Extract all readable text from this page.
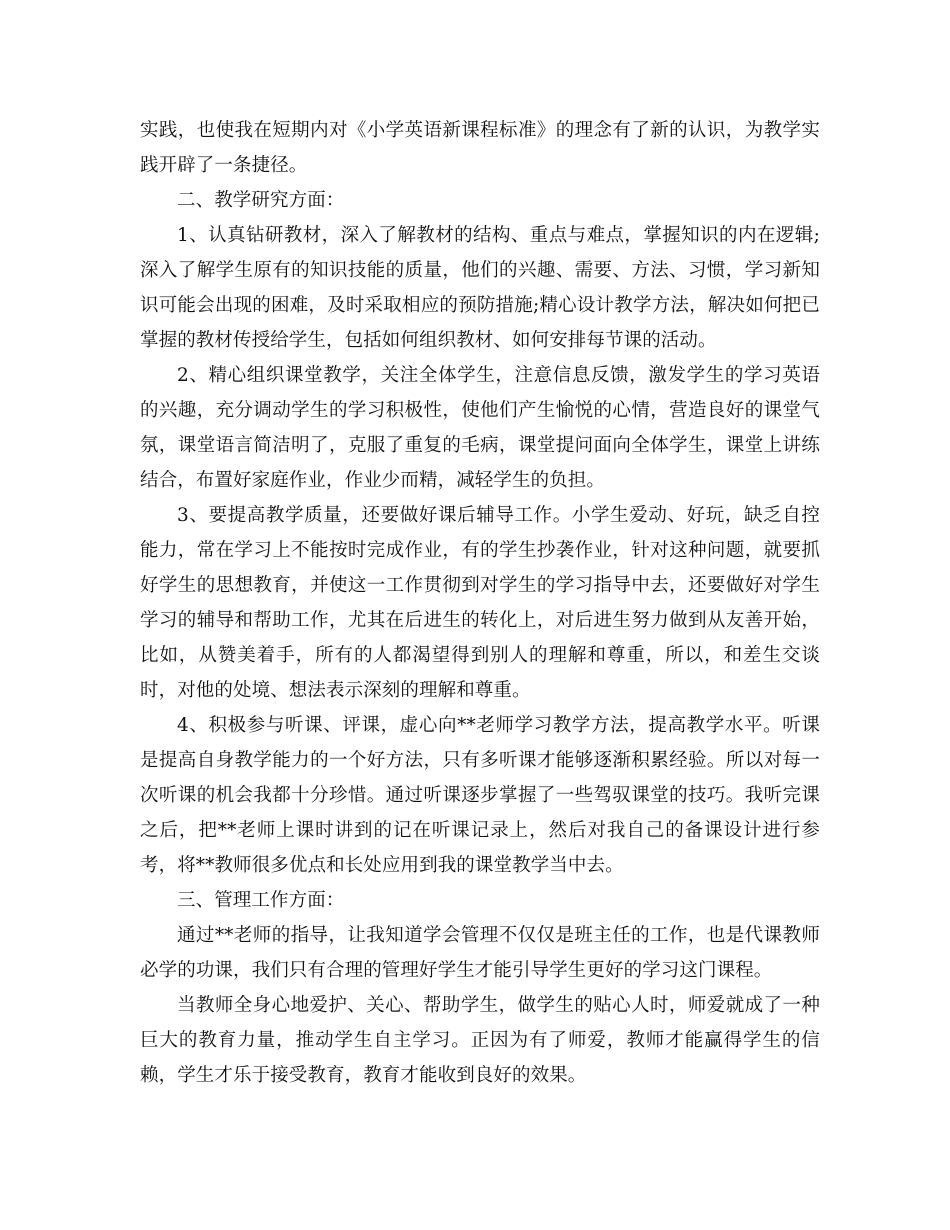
实践，也使我在短期内对《小学英语新课程标准》的理念有了新的认识，为教学实践开辟了一条捷径。

二、教学研究方面：

1、认真钻研教材，深入了解教材的结构、重点与难点，掌握知识的内在逻辑;深入了解学生原有的知识技能的质量，他们的兴趣、需要、方法、习惯，学习新知识可能会出现的困难，及时采取相应的预防措施;精心设计教学方法，解决如何把已掌握的教材传授给学生，包括如何组织教材、如何安排每节课的活动。

2、精心组织课堂教学，关注全体学生，注意信息反馈，激发学生的学习英语的兴趣，充分调动学生的学习积极性，使他们产生愉悦的心情，营造良好的课堂气氛，课堂语言简洁明了，克服了重复的毛病，课堂提问面向全体学生，课堂上讲练结合，布置好家庭作业，作业少而精，减轻学生的负担。

3、要提高教学质量，还要做好课后辅导工作。小学生爱动、好玩，缺乏自控能力，常在学习上不能按时完成作业，有的学生抄袭作业，针对这种问题，就要抓好学生的思想教育，并使这一工作贯彻到对学生的学习指导中去，还要做好对学生学习的辅导和帮助工作，尤其在后进生的转化上，对后进生努力做到从友善开始，比如，从赞美着手，所有的人都渴望得到别人的理解和尊重，所以，和差生交谈时，对他的处境、想法表示深刻的理解和尊重。

4、积极参与听课、评课，虚心向**老师学习教学方法，提高教学水平。听课是提高自身教学能力的一个好方法，只有多听课才能够逐渐积累经验。所以对每一次听课的机会我都十分珍惜。通过听课逐步掌握了一些驾驭课堂的技巧。我听完课之后，把**老师上课时讲到的记在听课记录上，然后对我自己的备课设计进行参考，将**教师很多优点和长处应用到我的课堂教学当中去。

三、管理工作方面：

通过**老师的指导，让我知道学会管理不仅仅是班主任的工作，也是代课教师必学的功课，我们只有合理的管理好学生才能引导学生更好的学习这门课程。

当教师全身心地爱护、关心、帮助学生，做学生的贴心人时，师爱就成了一种巨大的教育力量，推动学生自主学习。正因为有了师爱，教师才能赢得学生的信赖，学生才乐于接受教育，教育才能收到良好的效果。
